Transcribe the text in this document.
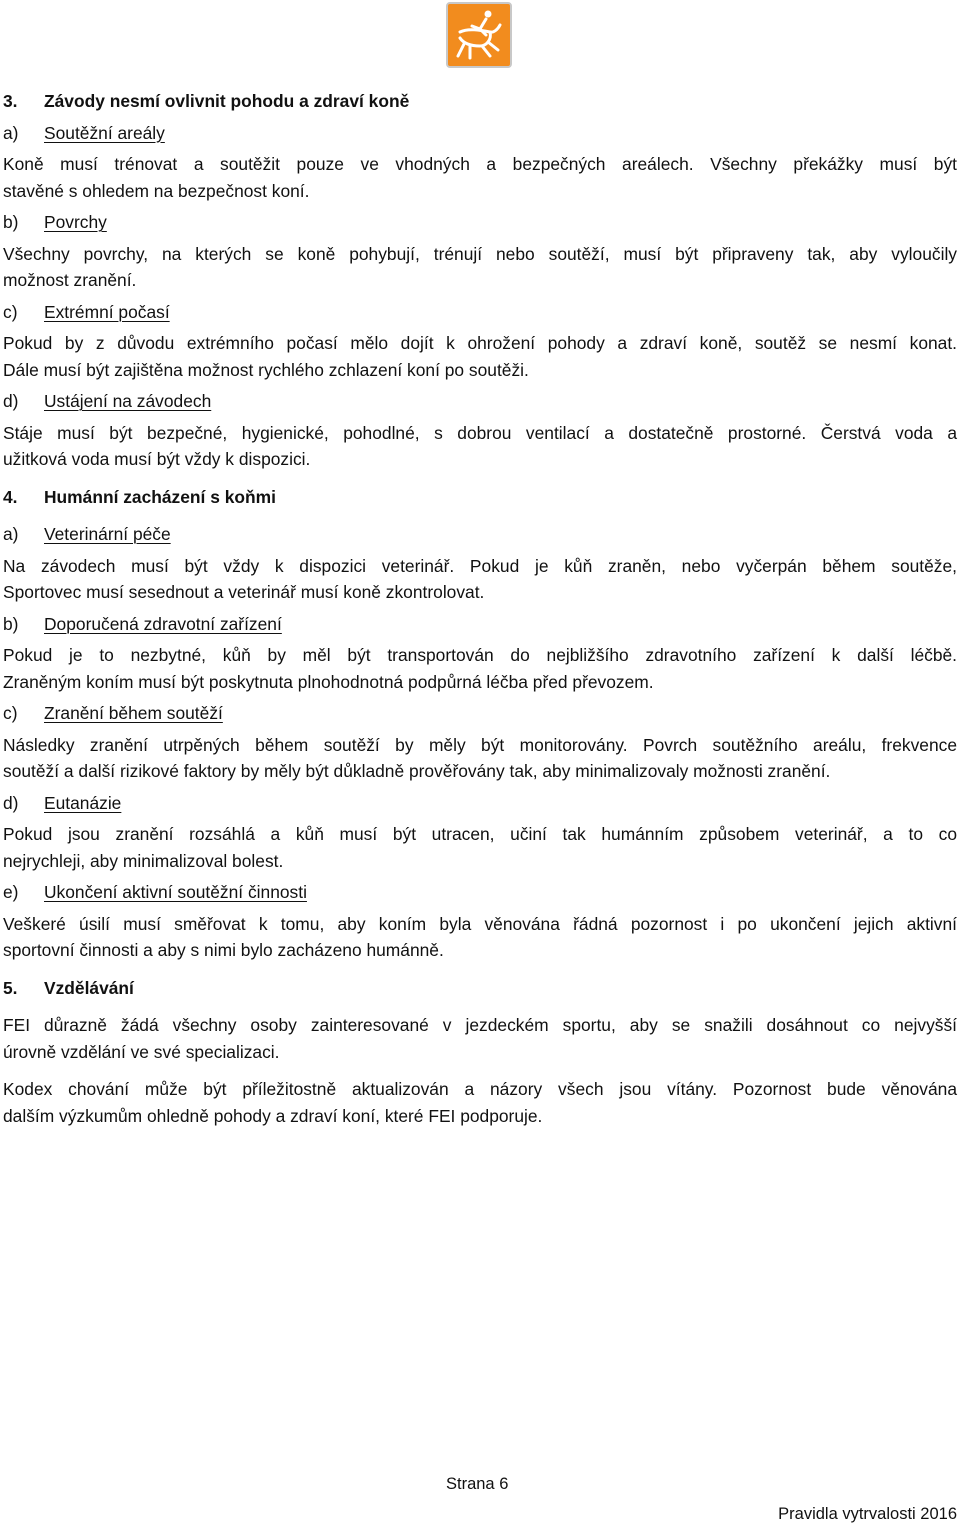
3. Závody nesmí ovlivnit pohodu a zdraví koně
a) Soutěžní areály
Koně musí trénovat a soutěžit pouze ve vhodných a bezpečných areálech. Všechny překážky musí být
stavěné s ohledem na bezpečnost koní.
b) Povrchy
Všechny povrchy, na kterých se koně pohybují, trénují nebo soutěží, musí být připraveny tak, aby vyloučily
možnost zranění.
c) Extrémní počasí
Pokud by z důvodu extrémního počasí mělo dojít k ohrožení pohody a zdraví koně, soutěž se nesmí konat.
Dále musí být zajištěna možnost rychlého zchlazení koní po soutěži.
d) Ustájení na závodech
Stáje musí být bezpečné, hygienické, pohodlné, s dobrou ventilací a dostatečně prostorné. Čerstvá voda a
užitková voda musí být vždy k dispozici.
4. Humánní zacházení s koňmi
a) Veterinární péče
Na závodech musí být vždy k dispozici veterinář. Pokud je kůň zraněn, nebo vyčerpán během soutěže,
Sportovec musí sesednout a veterinář musí koně zkontrolovat.
b) Doporučená zdravotní zařízení
Pokud je to nezbytné, kůň by měl být transportován do nejbližšího zdravotního zařízení k další léčbě.
Zraněným koním musí být poskytnuta plnohodnotná podpůrná léčba před převozem.
c) Zranění během soutěží
Následky zranění utrpěných během soutěží by měly být monitorovány. Povrch soutěžního areálu, frekvence
soutěží a další rizikové faktory by měly být důkladně prověřovány tak, aby minimalizovaly možnosti zranění.
d) Eutanázie
Pokud jsou zranění rozsáhlá a kůň musí být utracen, učiní tak humánním způsobem veterinář, a to co
nejrychleji, aby minimalizoval bolest.
e) Ukončení aktivní soutěžní činnosti
Veškeré úsilí musí směřovat k tomu, aby koním byla věnována řádná pozornost i po ukončení jejich aktivní
sportovní činnosti a aby s nimi bylo zacházeno humánně.
5. Vzdělávání
FEI důrazně žádá všechny osoby zainteresované v jezdeckém sportu, aby se snažili dosáhnout co nejvyšší
úrovně vzdělání ve své specializaci.
Kodex chování může být příležitostně aktualizován a názory všech jsou vítány. Pozornost bude věnována
dalším výzkumům ohledně pohody a zdraví koní, které FEI podporuje.
Strana 6
Pravidla vytrvalosti 2016
